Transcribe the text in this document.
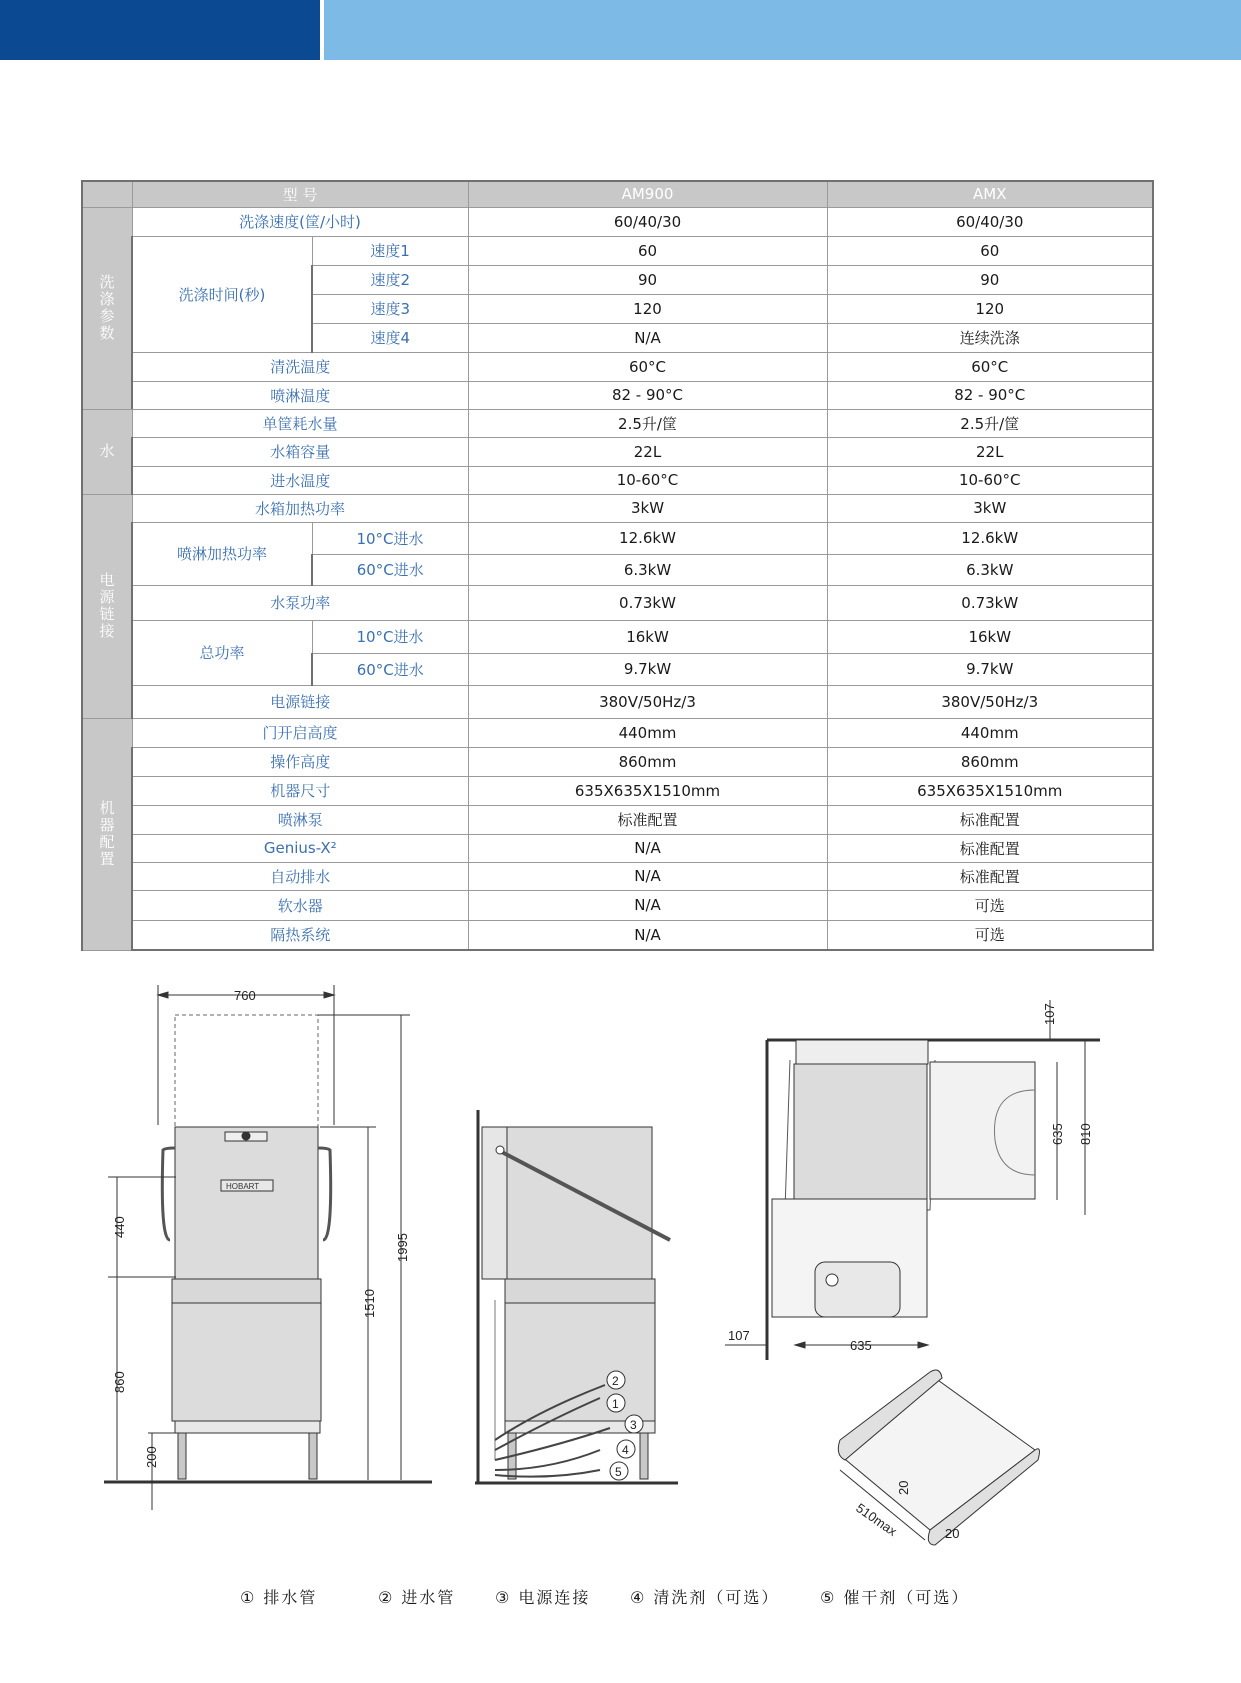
	型 号		AM900	AMX
洗涤参数	洗涤速度(筐/小时)		60/40/30	60/40/30
	洗涤时间(秒)	速度1	60	60
		速度2	90	90
		速度3	120	120
		速度4	N/A	连续洗涤
	清洗温度		60°C	60°C
	喷淋温度		82 - 90°C	82 - 90°C

水	单筐耗水量		2.5升/筐	2.5升/筐
	水箱容量		22L	22L
	进水温度		10-60°C	10-60°C
电源链接	水箱加热功率		3kW	3kW
	喷淋加热功率	10°C进水	12.6kW	12.6kW
		60°C进水	6.3kW	6.3kW
	水泵功率		0.73kW	0.73kW
	总功率	10°C进水	16kW	16kW
		60°C进水	9.7kW	9.7kW
	电源链接		380V/50Hz/3	380V/50Hz/3
机器配置	门开启高度		440mm	440mm
	操作高度		860mm	860mm
	机器尺寸		635X635X1510mm	635X635X1510mm
	喷淋泵		标准配置	标准配置
	Genius-X²		N/A	标准配置
	自动排水		N/A	标准配置
	软水器		N/A	可选
	隔热系统		N/A	可选
760
HOBART
440
860
200
1510
1995
2
1
3
4
5
107
635 810
107
635
510max
20
20
① 排水管	② 进水管 ③ 电源连接 ④ 清洗剂（可选）	⑤ 催干剂（可选）
